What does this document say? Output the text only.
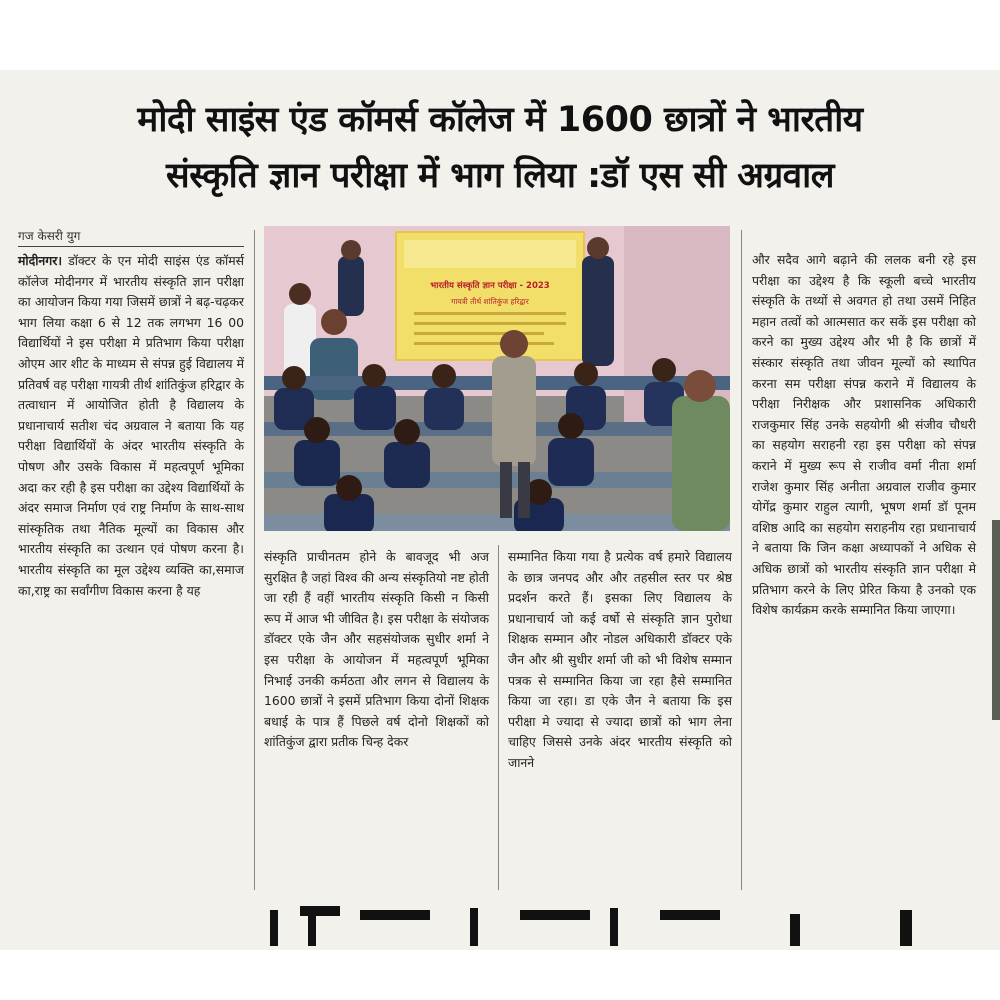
मोदी साइंस एंड कॉमर्स कॉलेज में 1600 छात्रों ने भारतीय
संस्कृति ज्ञान परीक्षा में भाग लिया :डॉ एस सी अग्रवाल
गज केसरी युग

मोदीनगर। डॉक्टर के एन मोदी साइंस एंड कॉमर्स कॉलेज मोदीनगर में भारतीय संस्कृति ज्ञान परीक्षा का आयोजन किया गया जिसमें छात्रों ने बढ़-चढ़कर भाग लिया कक्षा 6 से 12 तक लगभग 16 00 विद्यार्थियों ने इस परीक्षा मे प्रतिभाग किया परीक्षा ओएम आर शीट के माध्यम से संपन्न हुई विद्यालय में प्रतिवर्ष वह परीक्षा गायत्री तीर्थ शांतिकुंज हरिद्वार के तत्वाधान में आयोजित होती है विद्यालय के प्रधानाचार्य सतीश चंद अग्रवाल ने बताया कि यह परीक्षा विद्यार्थियों के अंदर भारतीय संस्कृति के पोषण और उसके विकास में महत्वपूर्ण भूमिका अदा कर रही है इस परीक्षा का उद्देश्य विद्यार्थियों के अंदर समाज निर्माण एवं राष्ट्र निर्माण के साथ-साथ सांस्कृतिक तथा नैतिक मूल्यों का विकास और भारतीय संस्कृति का उत्थान एवं पोषण करना है। भारतीय संस्कृति का मूल उद्देश्य व्यक्ति का,समाज का,राष्ट्र का सर्वांगीण विकास करना है यह

भारतीय संस्कृति ज्ञान परीक्षा - 2023
गायत्री तीर्थ शांतिकुंज हरिद्वार

संस्कृति प्राचीनतम होने के बावजूद भी अज सुरक्षित है जहां विश्व की अन्य संस्कृतियो नष्ट होती जा रही हैं वहीं भारतीय संस्कृति किसी न किसी रूप में आज भी जीवित है। इस परीक्षा के संयोजक डॉक्टर एके जैन और सहसंयोजक सुधीर शर्मा ने इस परीक्षा के आयोजन में महत्वपूर्ण भूमिका निभाई उनकी कर्मठता और लगन से विद्यालय के 1600 छात्रों ने इसमें प्रतिभाग किया दोनों शिक्षक बधाई के पात्र हैं पिछले वर्ष दोनो शिक्षकों को शांतिकुंज द्वारा प्रतीक चिन्ह देकर

सम्मानित किया गया है प्रत्येक वर्ष हमारे विद्यालय के छात्र जनपद और और तहसील स्तर पर श्रेष्ठ प्रदर्शन करते हैं। इसका लिए विद्यालय के प्रधानाचार्य जो कई वर्षो से संस्कृति ज्ञान पुरोधा शिक्षक सम्मान और नोडल अधिकारी डॉक्टर एके जैन और श्री सुधीर शर्मा जी को भी विशेष सम्मान पत्रक से सम्मानित किया जा रहा हैसे सम्मानित किया जा रहा। डा एके जैन ने बताया कि इस परीक्षा मे ज्यादा से ज्यादा छात्रों को भाग लेना चाहिए जिससे उनके अंदर भारतीय संस्कृति को जानने

और सदैव आगे बढ़ाने की ललक बनी रहे इस परीक्षा का उद्देश्य है कि स्कूली बच्चे भारतीय संस्कृति के तथ्यों से अवगत हो तथा उसमें निहित महान तत्वों को आत्मसात कर सकें इस परीक्षा को करने का मुख्य उद्देश्य और भी है कि छात्रों में संस्कार संस्कृति तथा जीवन मूल्यों को स्थापित करना सम परीक्षा संपन्न कराने में विद्यालय के परीक्षा निरीक्षक और प्रशासनिक अधिकारी राजकुमार सिंह उनके सहयोगी श्री संजीव चौधरी का सहयोग सराहनी रहा इस परीक्षा को संपन्न कराने में मुख्य रूप से राजीव वर्मा नीता शर्मा राजेश कुमार सिंह अनीता अग्रवाल राजीव कुमार योगेंद्र कुमार राहुल त्यागी, भूषण शर्मा डॉ पूनम वशिष्ठ आदि का सहयोग सराहनीय रहा प्रधानाचार्य ने बताया कि जिन कक्षा अध्यापकों ने अधिक से अधिक छात्रों को भारतीय संस्कृति ज्ञान परीक्षा मे प्रतिभाग करने के लिए प्रेरित किया है उनको एक विशेष कार्यक्रम करके सम्मानित किया जाएगा।
